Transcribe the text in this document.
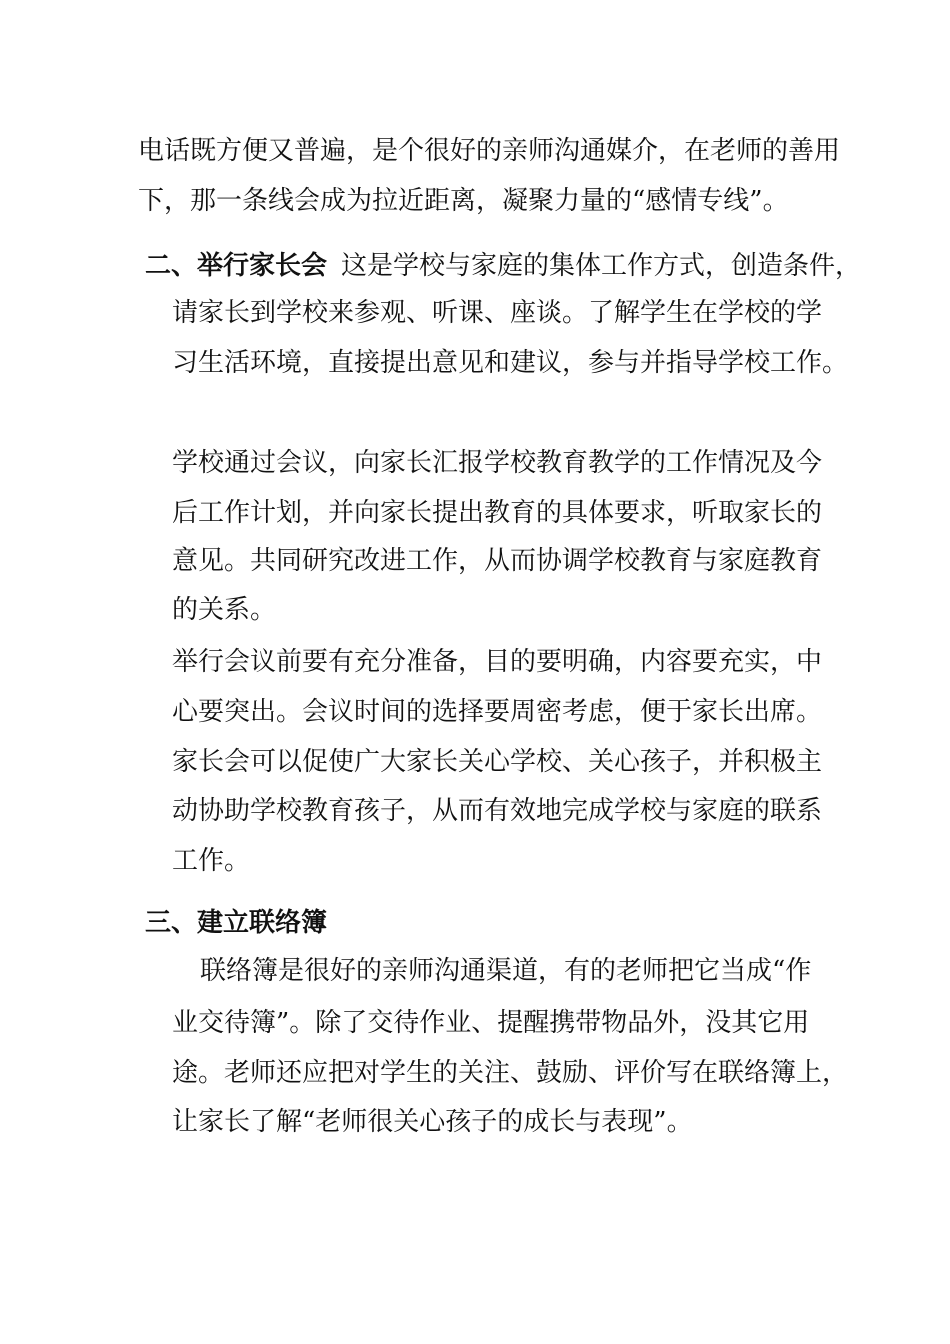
电话既方便又普遍，是个很好的亲师沟通媒介，在老师的善用
下，那一条线会成为拉近距离，凝聚力量的“感情专线”。
二、举行家长会 这是学校与家庭的集体工作方式，创造条件，
请家长到学校来参观、听课、座谈。了解学生在学校的学
习生活环境，直接提出意见和建议，参与并指导学校工作。
学校通过会议，向家长汇报学校教育教学的工作情况及今
后工作计划，并向家长提出教育的具体要求，听取家长的
意见。共同研究改进工作，从而协调学校教育与家庭教育
的关系。
举行会议前要有充分准备，目的要明确，内容要充实，中
心要突出。会议时间的选择要周密考虑，便于家长出席。
家长会可以促使广大家长关心学校、关心孩子，并积极主
动协助学校教育孩子，从而有效地完成学校与家庭的联系
工作。
三、建立联络簿
联络簿是很好的亲师沟通渠道，有的老师把它当成“作
业交待簿”。除了交待作业、提醒携带物品外，没其它用
途。老师还应把对学生的关注、鼓励、评价写在联络簿上，
让家长了解“老师很关心孩子的成长与表现”。
